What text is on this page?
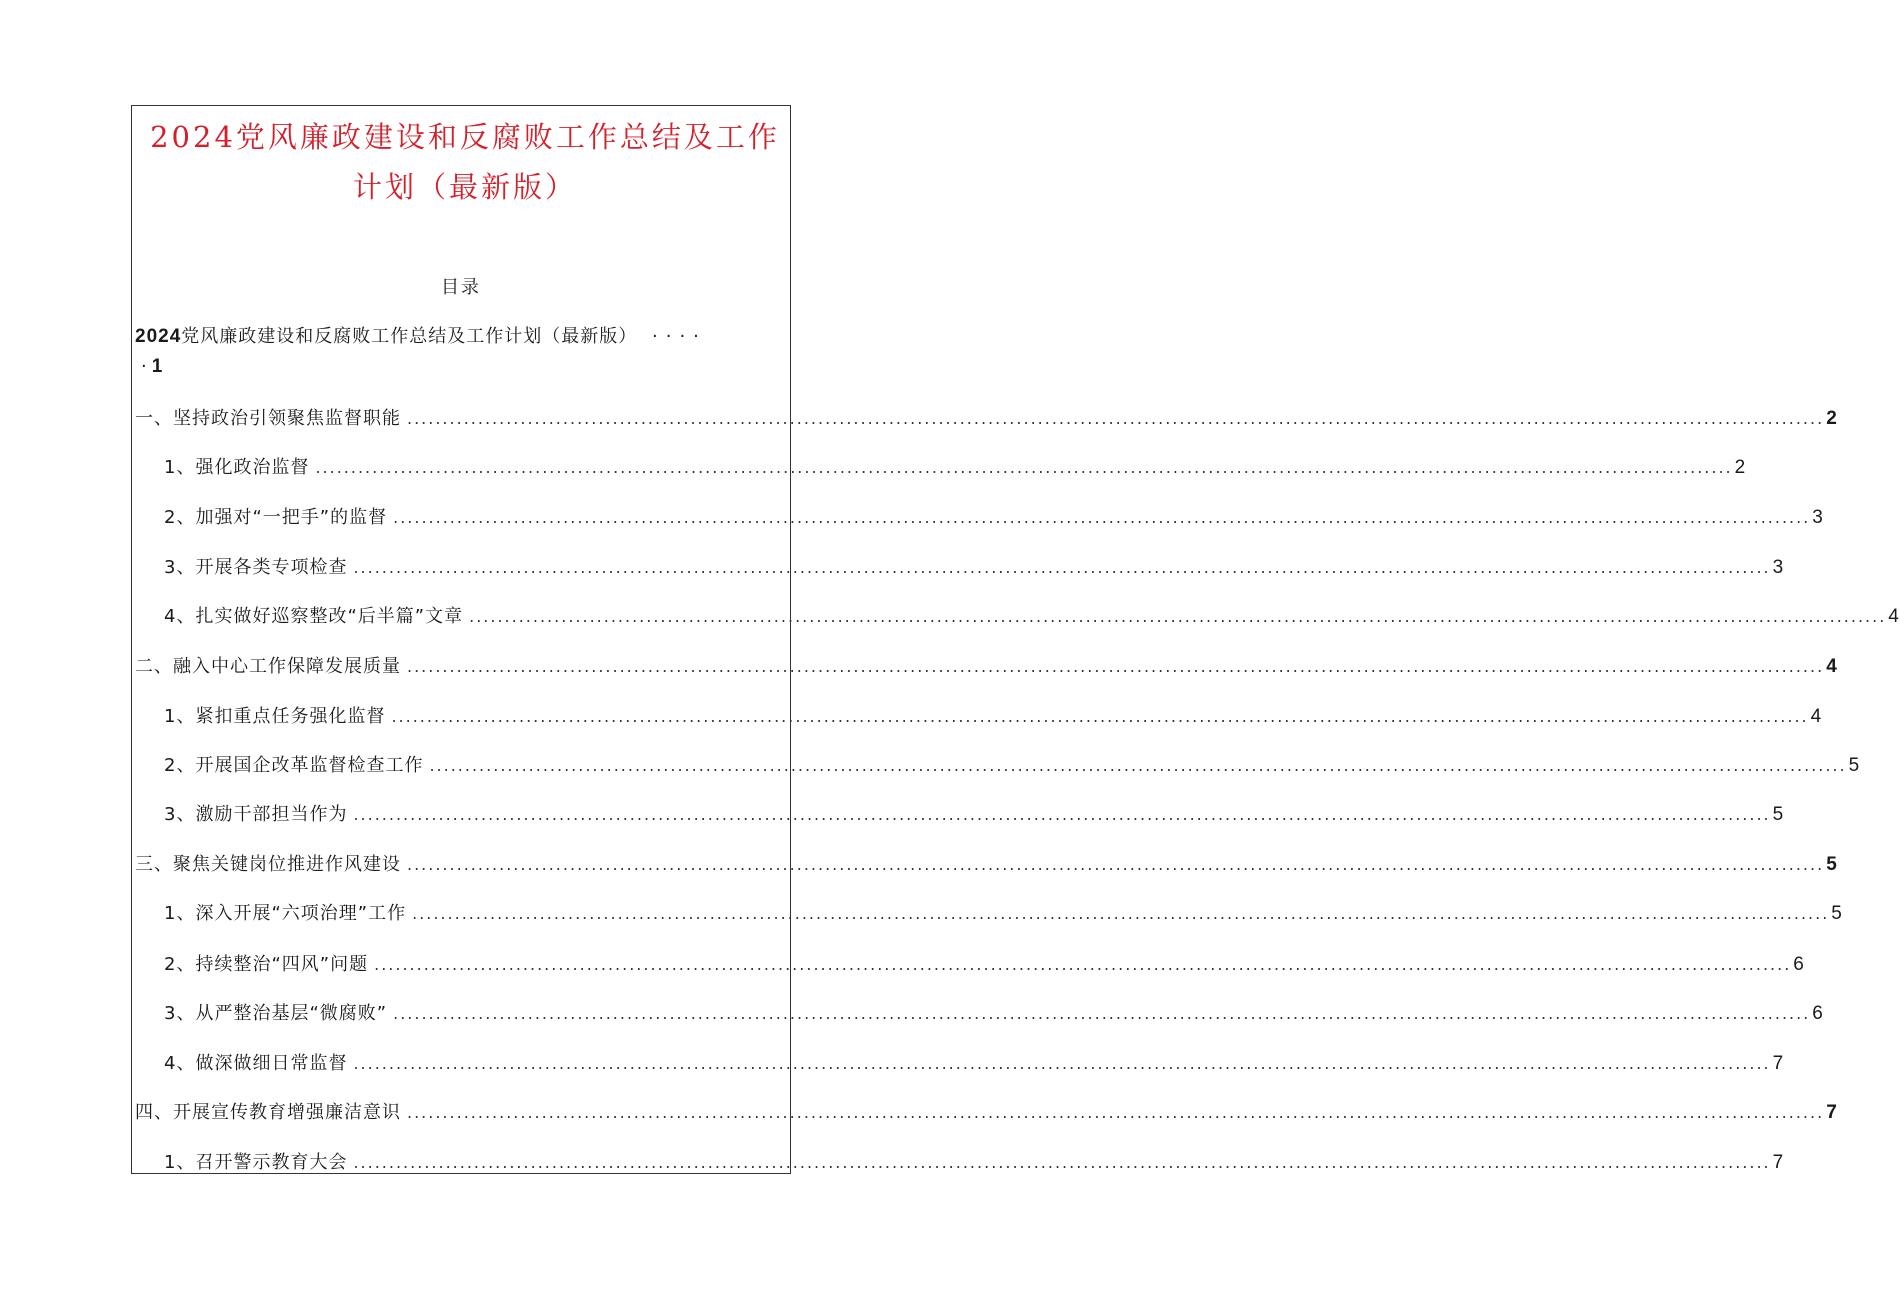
2024党风廉政建设和反腐败工作总结及工作计划（最新版）
目录
2024党风廉政建设和反腐败工作总结及工作计划（最新版） ····
· 1
一、坚持政治引领聚焦监督职能 ........................................................................................................................................................................................................ 2
1、强化政治监督 ........................................................................................................................................................................................................ 2
2、加强对“一把手”的监督 ........................................................................................................................................................................................................ 3
3、开展各类专项检查 ........................................................................................................................................................................................................ 3
4、扎实做好巡察整改“后半篇”文章 ........................................................................................................................................................................................................ 4
二、融入中心工作保障发展质量 ........................................................................................................................................................................................................ 4
1、紧扣重点任务强化监督 ........................................................................................................................................................................................................ 4
2、开展国企改革监督检查工作 ........................................................................................................................................................................................................ 5
3、激励干部担当作为 ........................................................................................................................................................................................................ 5
三、聚焦关键岗位推进作风建设 ........................................................................................................................................................................................................ 5
1、深入开展“六项治理”工作 ........................................................................................................................................................................................................ 5
2、持续整治“四风”问题 ........................................................................................................................................................................................................ 6
3、从严整治基层“微腐败” ........................................................................................................................................................................................................ 6
4、做深做细日常监督 ........................................................................................................................................................................................................ 7
四、开展宣传教育增强廉洁意识 ........................................................................................................................................................................................................ 7
1、召开警示教育大会 ........................................................................................................................................................................................................ 7
